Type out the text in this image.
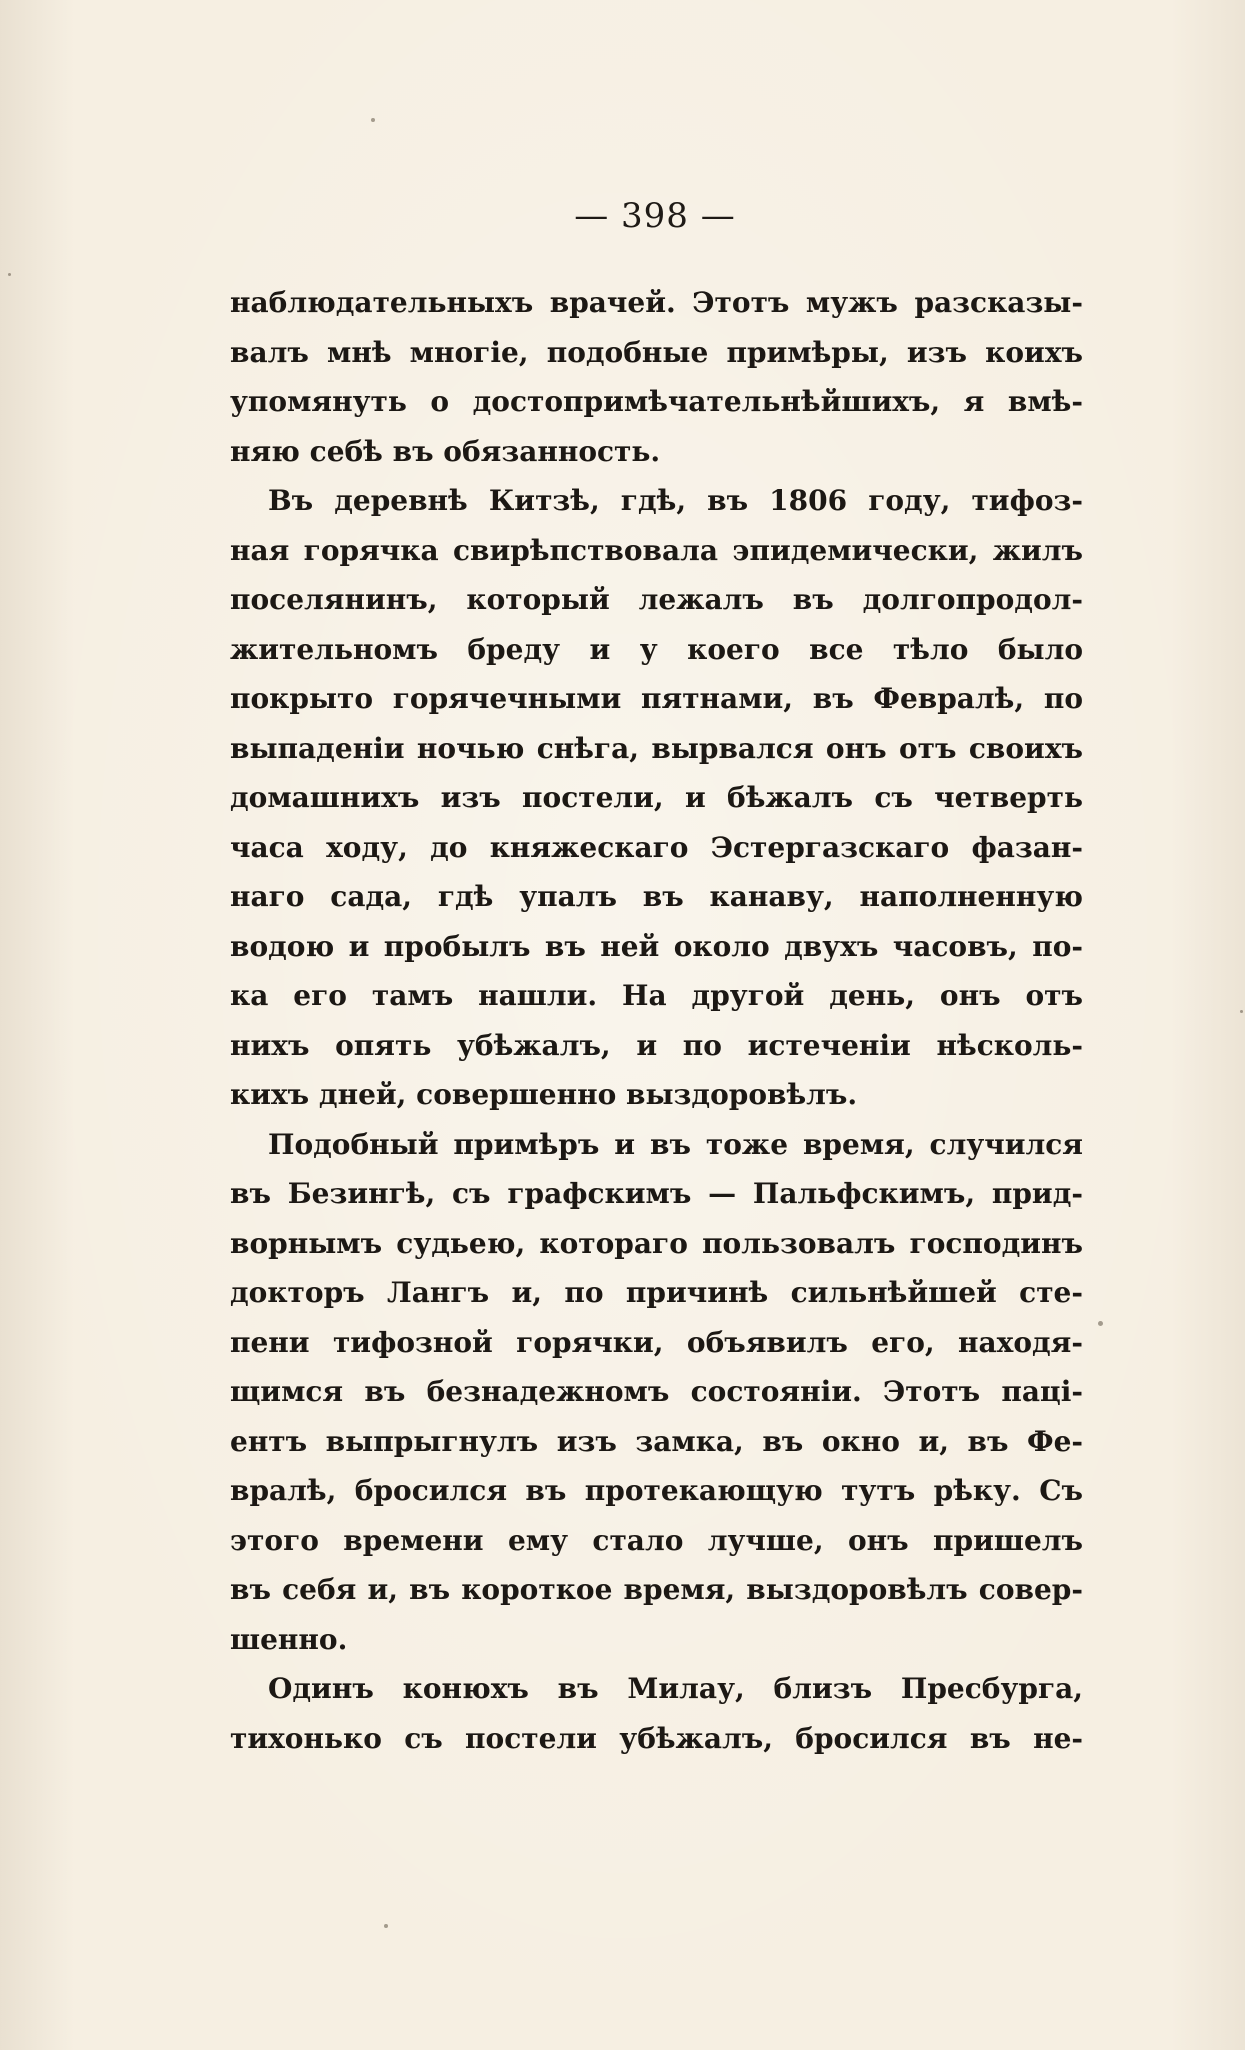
— 398 —
наблюдательныхъ врачей. Этотъ мужъ разсказы-
валъ мнѣ многіе, подобные примѣры, изъ коихъ
упомянуть о достопримѣчательнѣйшихъ, я вмѣ-
няю себѣ въ обязанность.
Въ деревнѣ Китзѣ, гдѣ, въ 1806 году, тифоз-
ная горячка свирѣпствовала эпидемически, жилъ
поселянинъ, который лежалъ въ долгопродол-
жительномъ бреду и у коего все тѣло было
покрыто горячечными пятнами, въ Февралѣ, по
выпаденіи ночью снѣга, вырвался онъ отъ своихъ
домашнихъ изъ постели, и бѣжалъ съ четверть
часа ходу, до княжескаго Эстергазскаго фазан-
наго сада, гдѣ упалъ въ канаву, наполненную
водою и пробылъ въ ней около двухъ часовъ, по-
ка его тамъ нашли. На другой день, онъ отъ
нихъ опять убѣжалъ, и по истеченіи нѣсколь-
кихъ дней, совершенно выздоровѣлъ.
Подобный примѣръ и въ тоже время, случился
въ Безингѣ, съ графскимъ — Пальфскимъ, прид-
ворнымъ судьею, котораго пользовалъ господинъ
докторъ Лангъ и, по причинѣ сильнѣйшей сте-
пени тифозной горячки, объявилъ его, находя-
щимся въ безнадежномъ состояніи. Этотъ паці-
ентъ выпрыгнулъ изъ замка, въ окно и, въ Фе-
вралѣ, бросился въ протекающую тутъ рѣку. Съ
этого времени ему стало лучше, онъ пришелъ
въ себя и, въ короткое время, выздоровѣлъ совер-
шенно.
Одинъ конюхъ въ Милау, близъ Пресбурга,
тихонько съ постели убѣжалъ, бросился въ не-
